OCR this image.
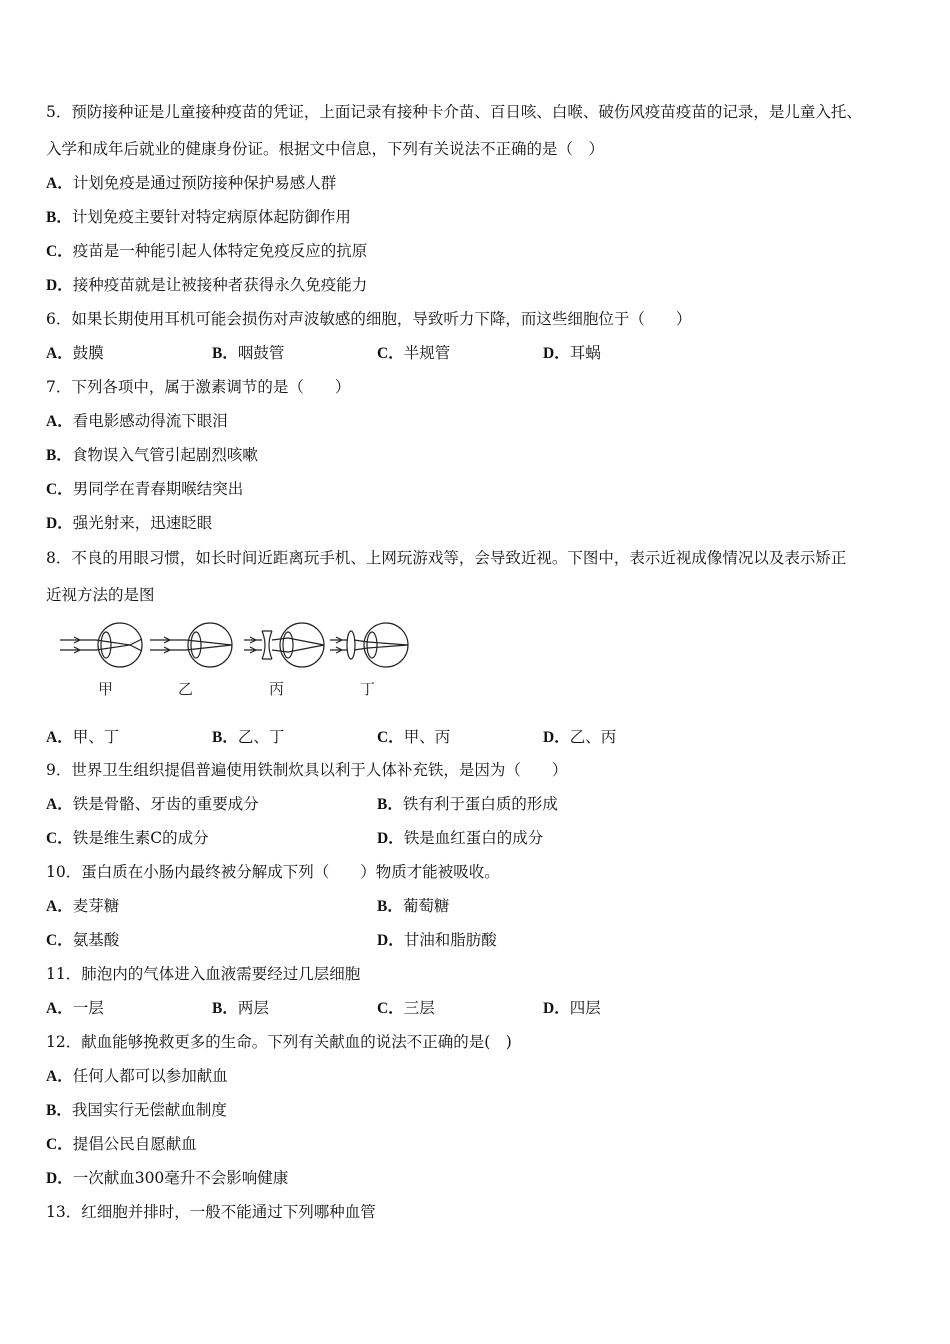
5．预防接种证是儿童接种疫苗的凭证，上面记录有接种卡介苗、百日咳、白喉、破伤风疫苗疫苗的记录，是儿童入托、
入学和成年后就业的健康身份证。根据文中信息，下列有关说法不正确的是（　）
A．计划免疫是通过预防接种保护易感人群
B．计划免疫主要针对特定病原体起防御作用
C．疫苗是一种能引起人体特定免疫反应的抗原
D．接种疫苗就是让被接种者获得永久免疫能力
6．如果长期使用耳机可能会损伤对声波敏感的细胞，导致听力下降，而这些细胞位于（　　）
A．鼓膜	B．咽鼓管	C．半规管	D．耳蜗
7．下列各项中，属于激素调节的是（　　）
A．看电影感动得流下眼泪
B．食物误入气管引起剧烈咳嗽
C．男同学在青春期喉结突出
D．强光射来，迅速眨眼
8．不良的用眼习惯，如长时间近距离玩手机、上网玩游戏等，会导致近视。下图中，表示近视成像情况以及表示矫正
近视方法的是图
甲	乙	丙	丁
A．甲、丁	B．乙、丁	C．甲、丙	D．乙、丙
9．世界卫生组织提倡普遍使用铁制炊具以利于人体补充铁，是因为（　　）
A．铁是骨骼、牙齿的重要成分	B．铁有利于蛋白质的形成
C．铁是维生素C的成分	D．铁是血红蛋白的成分
10．蛋白质在小肠内最终被分解成下列（　　）物质才能被吸收。
A．麦芽糖	B．葡萄糖
C．氨基酸	D．甘油和脂肪酸
11．肺泡内的气体进入血液需要经过几层细胞
A．一层	B．两层	C．三层	D．四层
12．献血能够挽救更多的生命。下列有关献血的说法不正确的是(　)
A．任何人都可以参加献血
B．我国实行无偿献血制度
C．提倡公民自愿献血
D．一次献血300毫升不会影响健康
13．红细胞并排时，一般不能通过下列哪种血管
